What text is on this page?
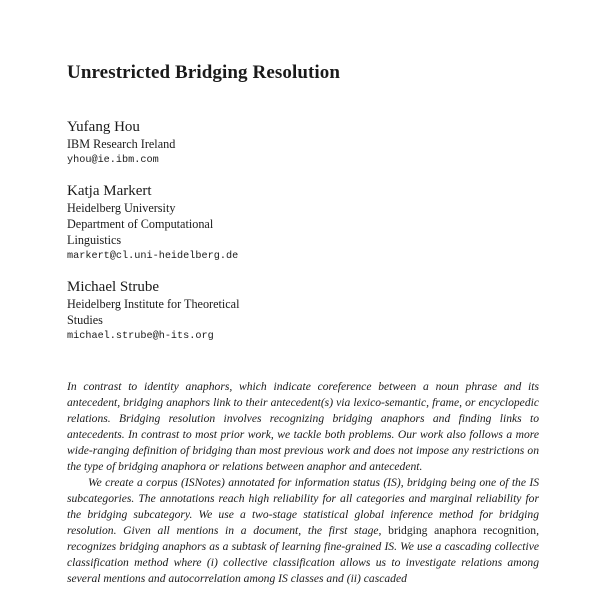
Unrestricted Bridging Resolution
Yufang Hou
IBM Research Ireland
yhou@ie.ibm.com
Katja Markert
Heidelberg University
Department of Computational
Linguistics
markert@cl.uni-heidelberg.de
Michael Strube
Heidelberg Institute for Theoretical
Studies
michael.strube@h-its.org

In contrast to identity anaphors, which indicate coreference between a noun phrase and its antecedent, bridging anaphors link to their antecedent(s) via lexico-semantic, frame, or encyclopedic relations. Bridging resolution involves recognizing bridging anaphors and finding links to antecedents. In contrast to most prior work, we tackle both problems. Our work also follows a more wide-ranging definition of bridging than most previous work and does not impose any restrictions on the type of bridging anaphora or relations between anaphor and antecedent.

We create a corpus (ISNotes) annotated for information status (IS), bridging being one of the IS subcategories. The annotations reach high reliability for all categories and marginal reliability for the bridging subcategory. We use a two-stage statistical global inference method for bridging resolution. Given all mentions in a document, the first stage, bridging anaphora recognition, recognizes bridging anaphors as a subtask of learning fine-grained IS. We use a cascading collective classification method where (i) collective classification allows us to investigate relations among several mentions and autocorrelation among IS classes and (ii) cascaded
